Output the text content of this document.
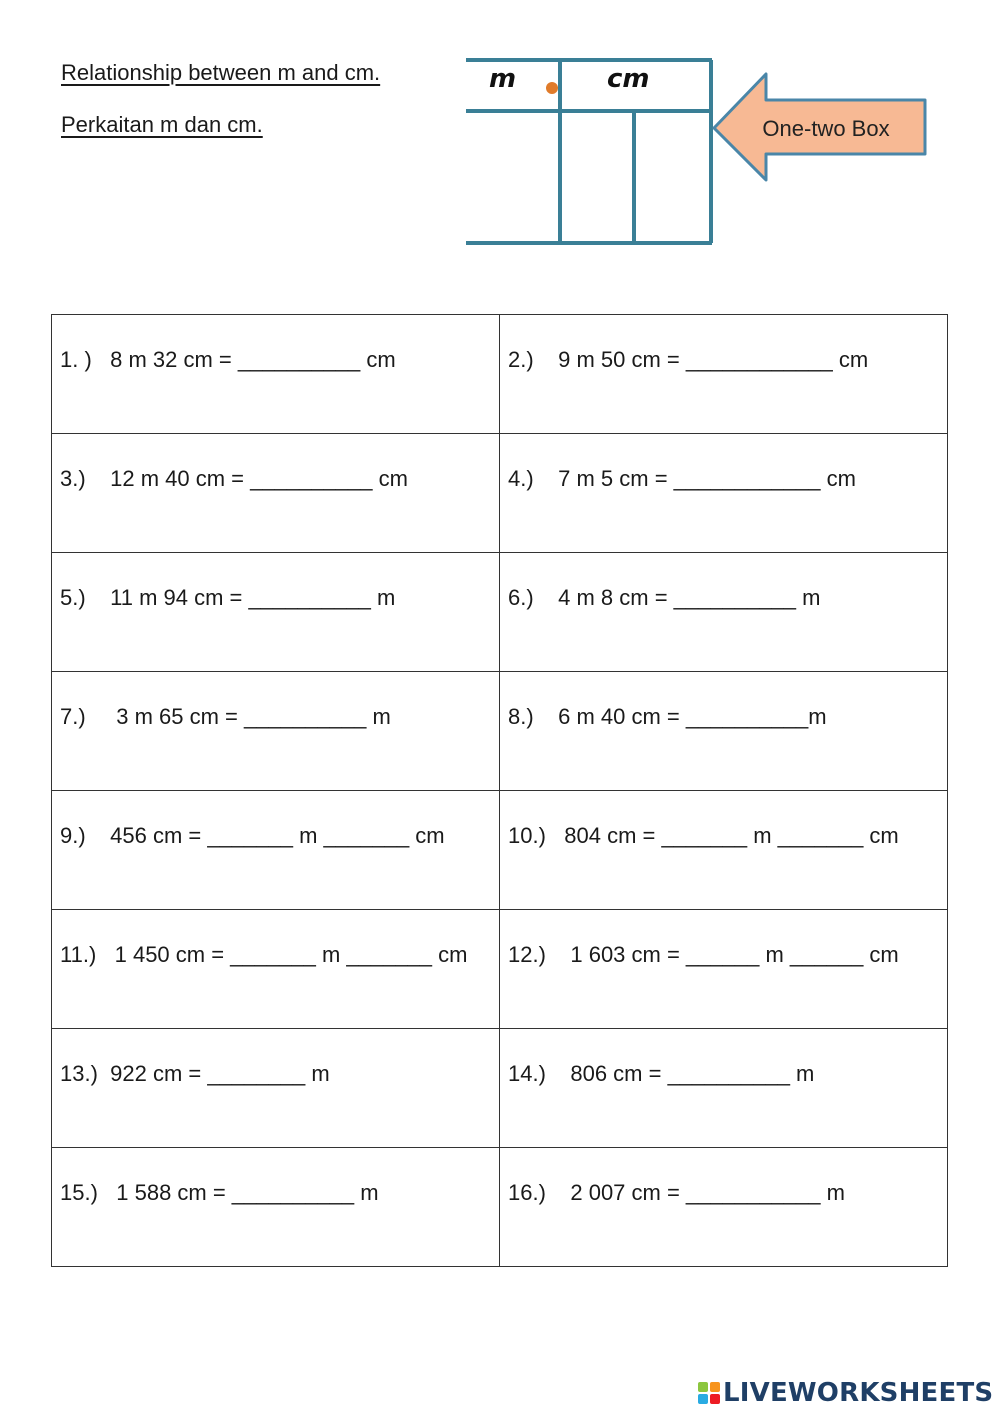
Relationship between m and cm.
Perkaitan m dan cm.
m	cm
One-two Box
1. )   8 m 32 cm = __________ cm	2.)    9 m 50 cm = ____________ cm

3.)    12 m 40 cm = __________ cm	4.)    7 m 5 cm = ____________ cm

5.)    11 m 94 cm = __________ m	6.)    4 m 8 cm = __________ m

7.)     3 m 65 cm = __________ m	8.)    6 m 40 cm = __________m

9.)    456 cm = _______ m _______ cm	10.)   804 cm = _______ m _______ cm

11.)   1 450 cm = _______ m _______ cm	12.)    1 603 cm = ______ m ______ cm

13.)  922 cm = ________ m	14.)    806 cm = __________ m

15.)   1 588 cm = __________ m	16.)    2 007 cm = ___________ m
LIVEWORKSHEETS
